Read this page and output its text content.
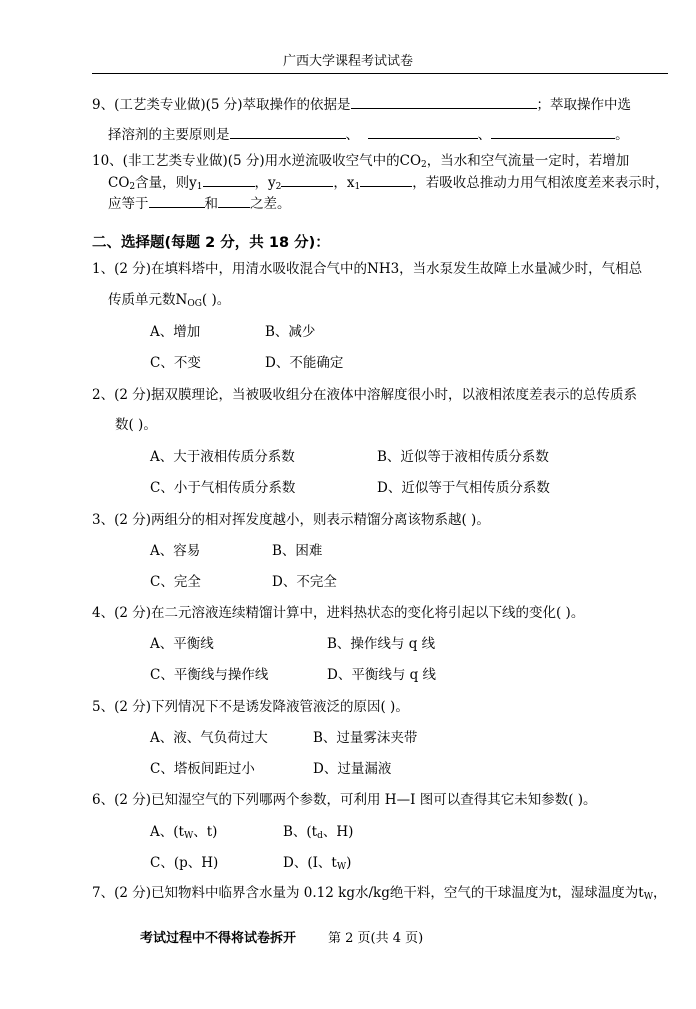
广西大学课程考试试卷
9、(工艺类专业做)(5 分)萃取操作的依据是	；萃取操作中选
择溶剂的主要原则是	、	、	。
10、(非工艺类专业做)(5 分)用水逆流吸收空气中的$CO_2$，当水和空气流量一定时，若增加
$CO_2$含量，则$y_1$	，$y_2$	，$x_1$	，若吸收总推动力用气相浓度差来表示时，
应等于	和 之差。
二、选择题(每题 2 分，共 18 分)：
1、(2 分)在填料塔中，用清水吸收混合气中的NH3，当水泵发生故障上水量减少时，气相总
传质单元数$N_{OG}$( )。
A、增加	B、减少
C、不变	D、不能确定
2、(2 分)据双膜理论，当被吸收组分在液体中溶解度很小时，以液相浓度差表示的总传质系
数( )。
A、大于液相传质分系数	B、近似等于液相传质分系数
C、小于气相传质分系数	D、近似等于气相传质分系数
3、(2 分)两组分的相对挥发度越小，则表示精馏分离该物系越( )。
A、容易	B、困难
C、完全	D、不完全
4、(2 分)在二元溶液连续精馏计算中，进料热状态的变化将引起以下线的变化( )。
A、平衡线	B、操作线与 q 线
C、平衡线与操作线	D、平衡线与 q 线
5、(2 分)下列情况下不是诱发降液管液泛的原因( )。
A、液、气负荷过大	B、过量雾沫夹带
C、塔板间距过小	D、过量漏液
6、(2 分)已知湿空气的下列哪两个参数，可利用 H—I 图可以查得其它未知参数( )。
A、($t_W$、t)	B、($t_d$、H)
C、(p、H)	D、(I、$t_W$)
7、(2 分)已知物料中临界含水量为 0.12 kg水/kg绝干料，空气的干球温度为t，湿球温度为$t_W$，
考试过程中不得将试卷拆开 第 2 页(共 4 页)
